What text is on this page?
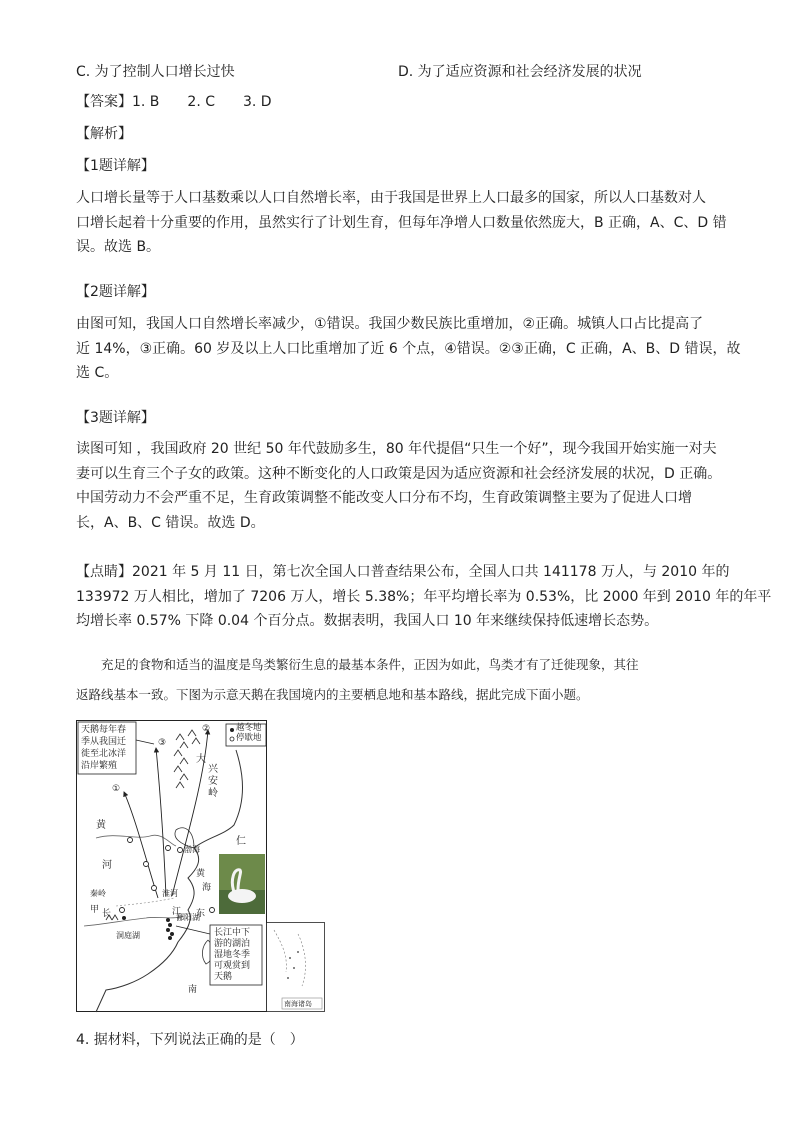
C. 为了控制人口增长过快	D. 为了适应资源和社会经济发展的状况
【答案】1. B　　2. C　　3. D
【解析】
【1题详解】
人口增长量等于人口基数乘以人口自然增长率，由于我国是世界上人口最多的国家，所以人口基数对人
口增长起着十分重要的作用，虽然实行了计划生育，但每年净增人口数量依然庞大，B 正确，A、C、D 错
误。故选 B。
【2题详解】
由图可知，我国人口自然增长率减少，①错误。我国少数民族比重增加，②正确。城镇人口占比提高了
近 14%，③正确。60 岁及以上人口比重增加了近 6 个点，④错误。②③正确，C 正确，A、B、D 错误，故
选 C。
【3题详解】
读图可知 ，我国政府 20 世纪 50 年代鼓励多生，80 年代提倡“只生一个好”，现今我国开始实施一对夫
妻可以生育三个子女的政策。这种不断变化的人口政策是因为适应资源和社会经济发展的状况，D 正确。
中国劳动力不会严重不足，生育政策调整不能改变人口分布不均，生育政策调整主要为了促进人口增
长，A、B、C 错误。故选 D。
【点睛】2021 年 5 月 11 日，第七次全国人口普查结果公布，全国人口共 141178 万人，与 2010 年的
133972 万人相比，增加了 7206 万人，增长 5.38%；年平均增长率为 0.53%，比 2000 年到 2010 年的年平
均增长率 0.57% 下降 0.04 个百分点。数据表明，我国人口 10 年来继续保持低速增长态势。
　　充足的食物和适当的温度是鸟类繁衍生息的最基本条件，正因为如此，鸟类才有了迁徙现象，其往
返路线基本一致。下图为示意天鹅在我国境内的主要栖息地和基本路线，据此完成下面小题。
越冬地
停歇地
天鹅每年春
季从我国迁
徙至北冰洋
沿岸繁殖
长江中下
游的湖泊
湿地冬季
可观赏到
天鹅
①
②
③
兴
安
岭
大
仁
黄
河
渤海
秦岭
甲
淮河
长	江
海
东
黄
鄱阳湖
洞庭湖
南
南海诸岛
4. 据材料，下列说法正确的是（　）
